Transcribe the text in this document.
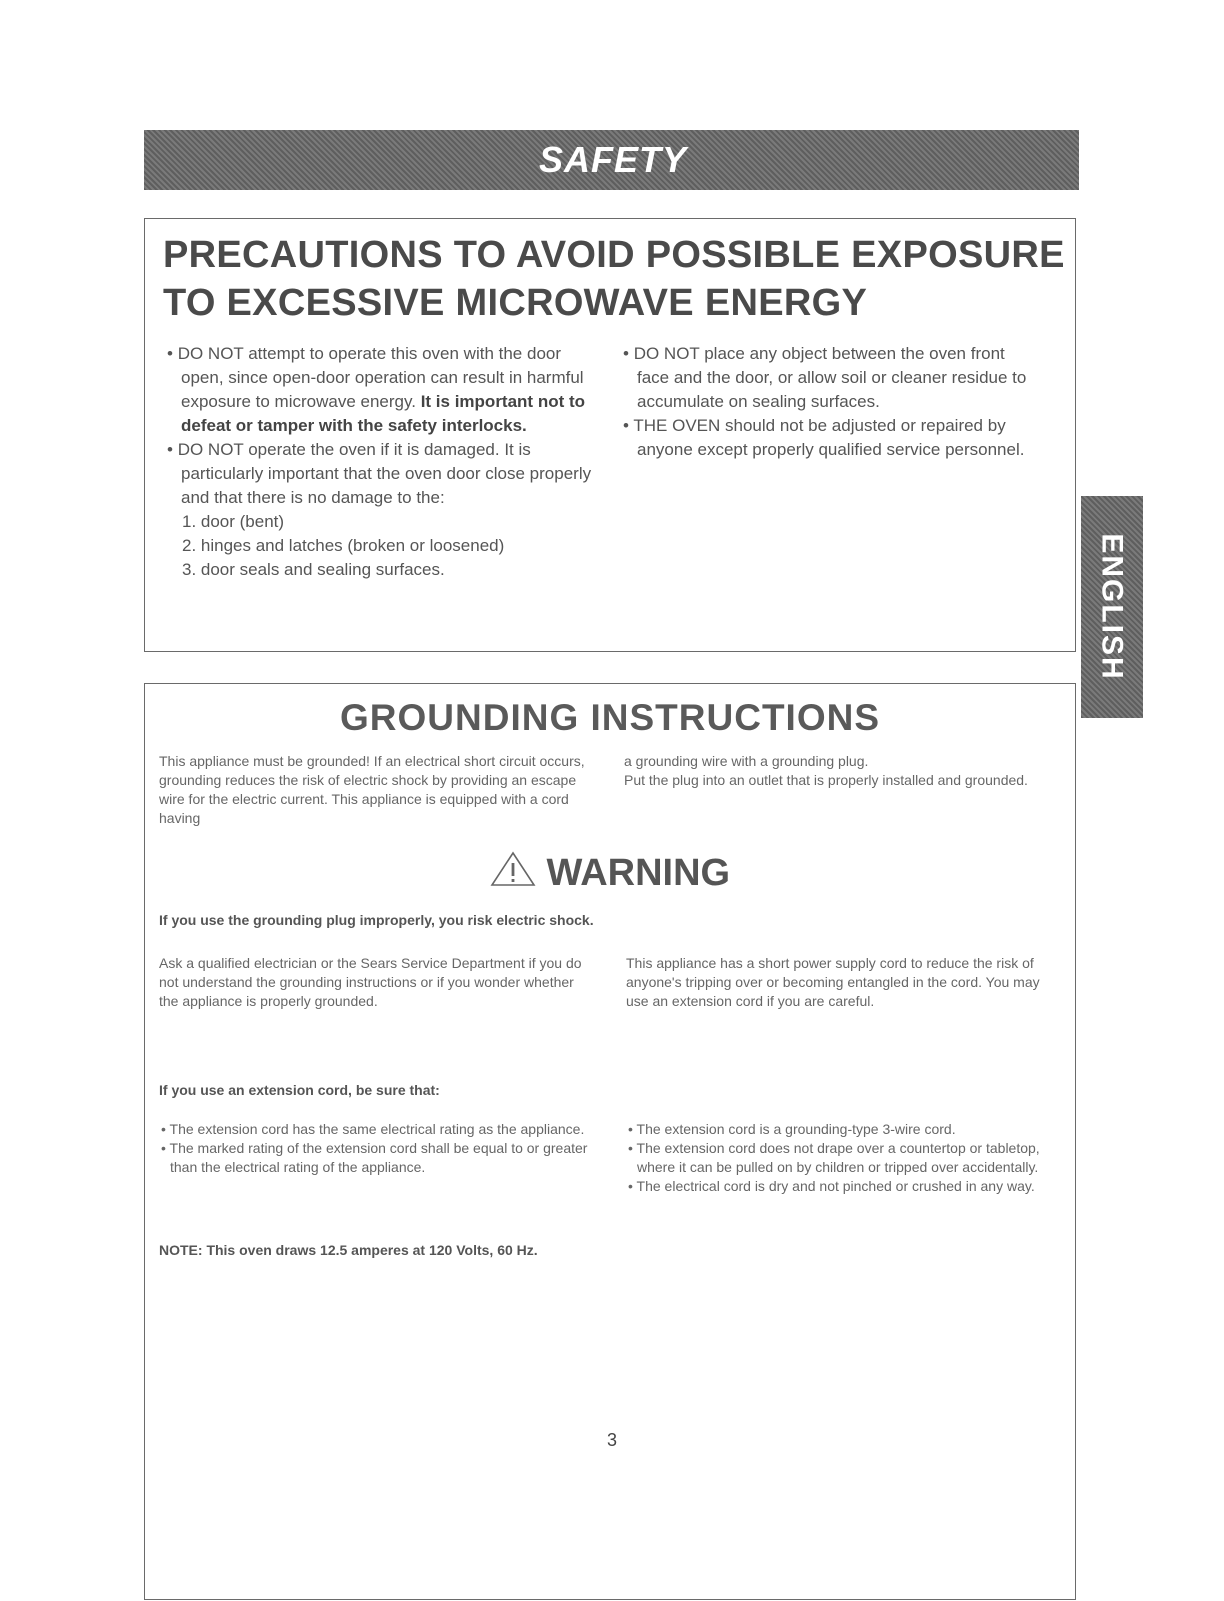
SAFETY
ENGLISH
PRECAUTIONS TO AVOID POSSIBLE EXPOSURE
TO EXCESSIVE MICROWAVE ENERGY
• DO NOT attempt to operate this oven with the door open, since open-door operation can result in harmful exposure to microwave energy. It is important not to defeat or tamper with the safety interlocks.
• DO NOT operate the oven if it is damaged. It is particularly important that the oven door close properly and that there is no damage to the:
1. door (bent)
2. hinges and latches (broken or loosened)
3. door seals and sealing surfaces.
• DO NOT place any object between the oven front face and the door, or allow soil or cleaner residue to accumulate on sealing surfaces.
• THE OVEN should not be adjusted or repaired by anyone except properly qualified service personnel.
GROUNDING INSTRUCTIONS
This appliance must be grounded! If an electrical short circuit occurs, grounding reduces the risk of electric shock by providing an escape wire for the electric current. This appliance is equipped with a cord having
a grounding wire with a grounding plug.
Put the plug into an outlet that is properly installed and grounded.
WARNING
If you use the grounding plug improperly, you risk electric shock.
Ask a qualified electrician or the Sears Service Department if you do not understand the grounding instructions or if you wonder whether the appliance is properly grounded.
This appliance has a short power supply cord to reduce the risk of anyone's tripping over or becoming entangled in the cord. You may use an extension cord if you are careful.
If you use an extension cord, be sure that:
• The extension cord has the same electrical rating as the appliance.
• The marked rating of the extension cord shall be equal to or greater than the electrical rating of the appliance.
• The extension cord is a grounding-type 3-wire cord.
• The extension cord does not drape over a countertop or tabletop, where it can be pulled on by children or tripped over accidentally.
• The electrical cord is dry and not pinched or crushed in any way.
NOTE: This oven draws 12.5 amperes at 120 Volts, 60 Hz.
3
